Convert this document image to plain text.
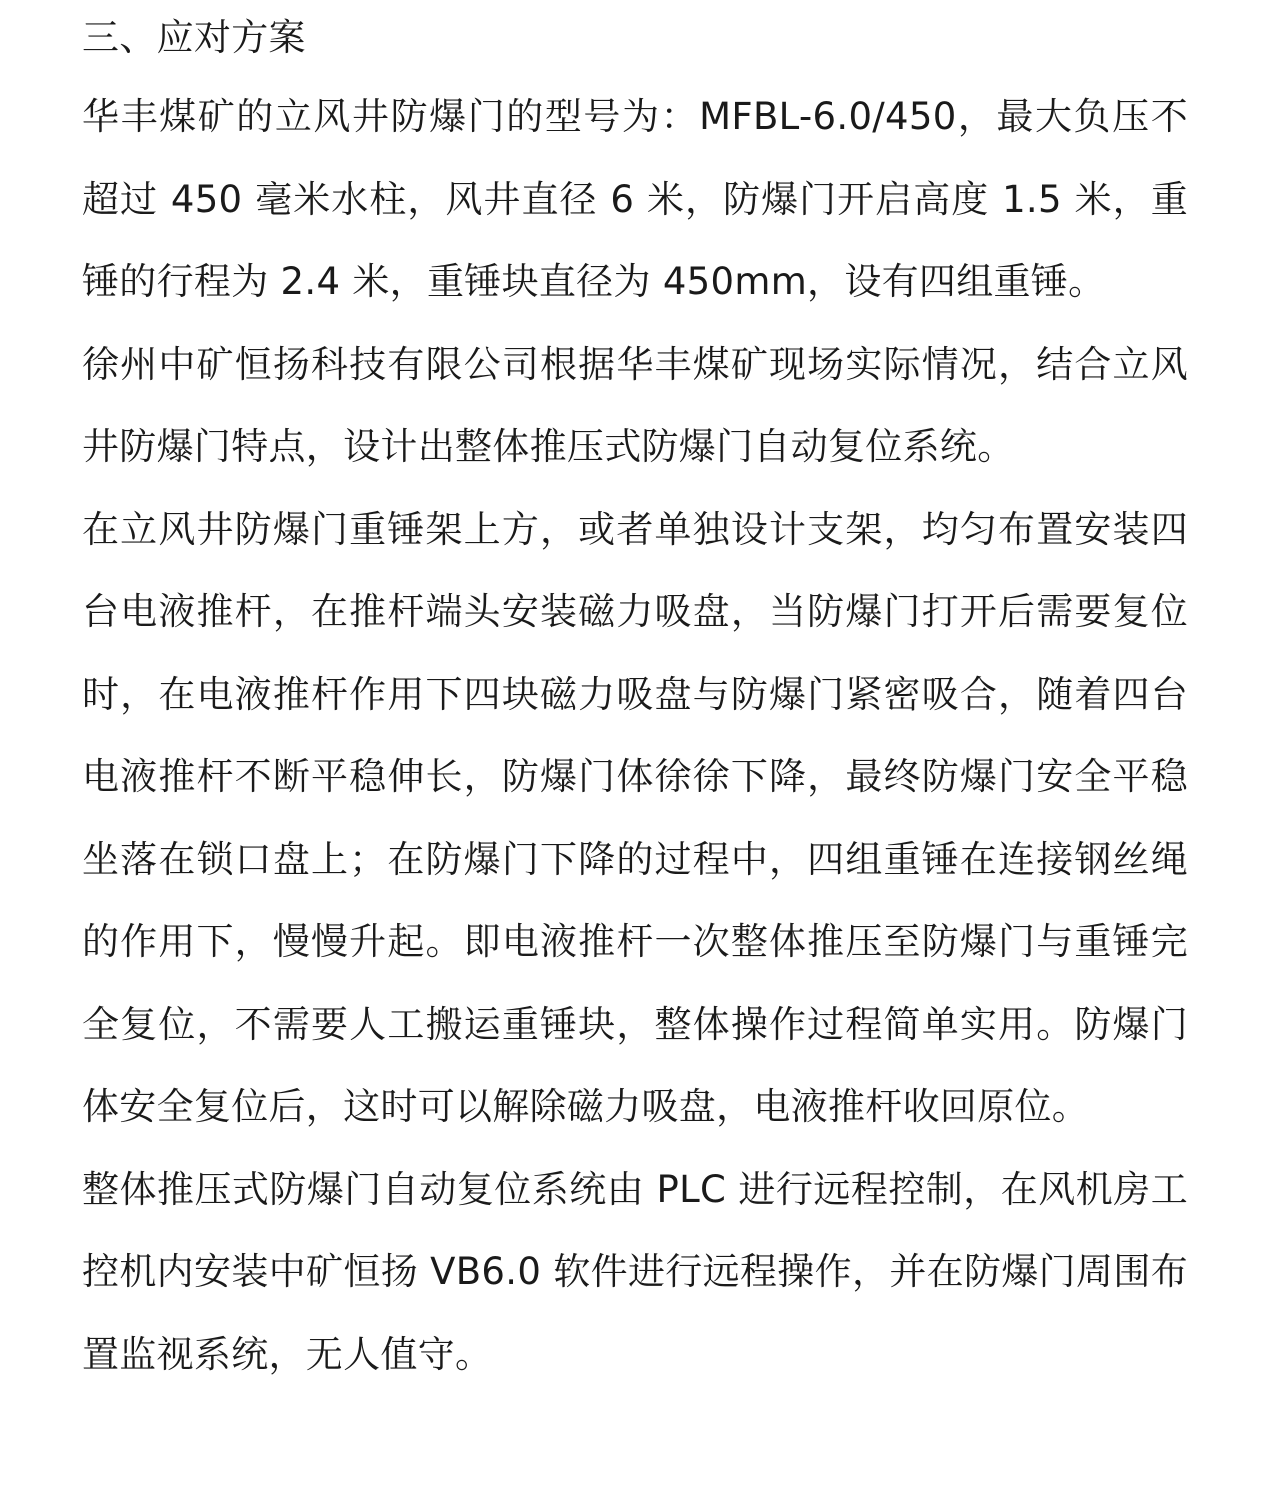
三、应对方案

华丰煤矿的立风井防爆门的型号为：MFBL-6.0/450，最大负压不超过 450 毫米水柱，风井直径 6 米，防爆门开启高度 1.5 米，重锤的行程为 2.4 米，重锤块直径为 450mm，设有四组重锤。

徐州中矿恒扬科技有限公司根据华丰煤矿现场实际情况，结合立风井防爆门特点，设计出整体推压式防爆门自动复位系统。

在立风井防爆门重锤架上方，或者单独设计支架，均匀布置安装四台电液推杆，在推杆端头安装磁力吸盘，当防爆门打开后需要复位时，在电液推杆作用下四块磁力吸盘与防爆门紧密吸合，随着四台电液推杆不断平稳伸长，防爆门体徐徐下降，最终防爆门安全平稳坐落在锁口盘上；在防爆门下降的过程中，四组重锤在连接钢丝绳的作用下，慢慢升起。即电液推杆一次整体推压至防爆门与重锤完全复位，不需要人工搬运重锤块，整体操作过程简单实用。防爆门体安全复位后，这时可以解除磁力吸盘，电液推杆收回原位。

整体推压式防爆门自动复位系统由 PLC 进行远程控制，在风机房工控机内安装中矿恒扬 VB6.0 软件进行远程操作，并在防爆门周围布置监视系统，无人值守。
